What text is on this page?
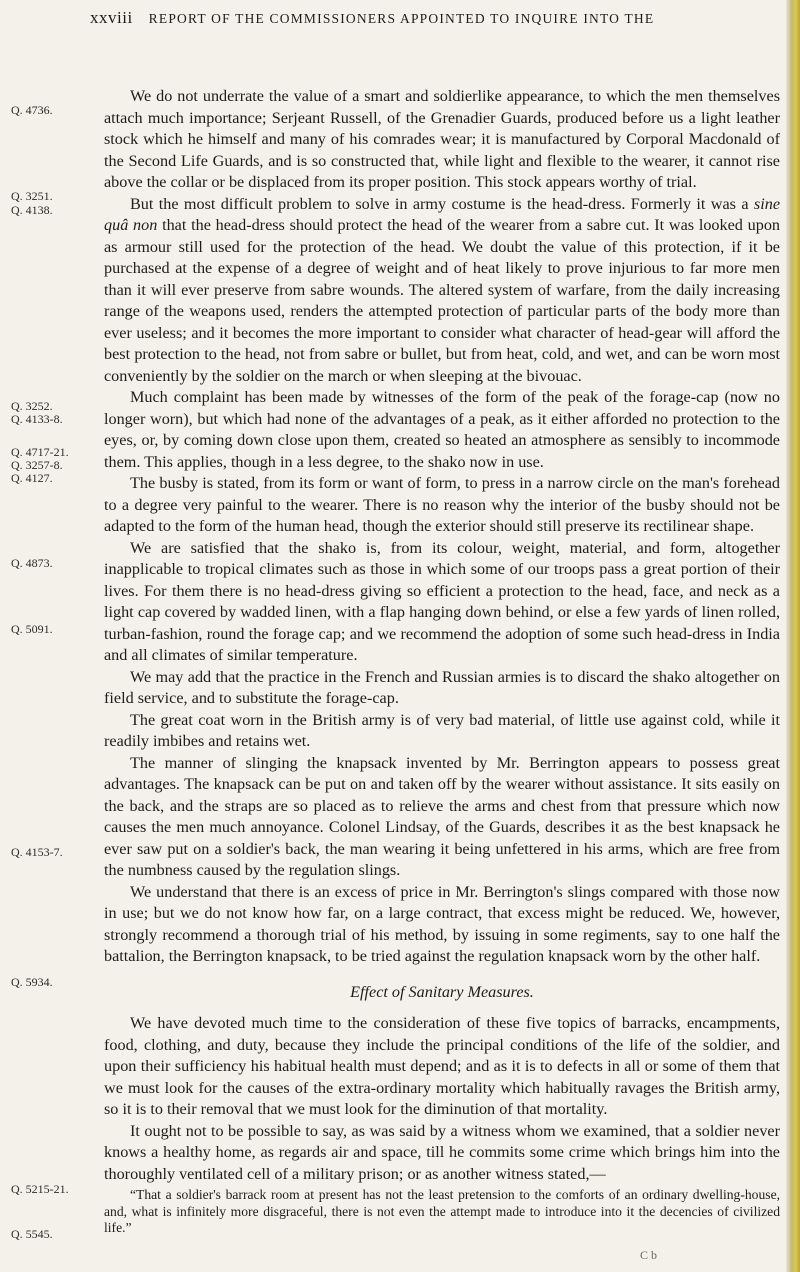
xxviii REPORT OF THE COMMISSIONERS APPOINTED TO INQUIRE INTO THE
Q. 4736.
Q. 3251.
Q. 4138.
Q. 3252.
Q. 4133-8.
Q. 4717-21.
Q. 3257-8.
Q. 4127.
Q. 4873.
Q. 5091.
Q. 4153-7.
Q. 5934.
Q. 5215-21.
Q. 5545.

We do not underrate the value of a smart and soldierlike appearance, to which the men themselves attach much importance; Serjeant Russell, of the Grenadier Guards, produced before us a light leather stock which he himself and many of his comrades wear; it is manufactured by Corporal Macdonald of the Second Life Guards, and is so constructed that, while light and flexible to the wearer, it cannot rise above the collar or be displaced from its proper position. This stock appears worthy of trial.

But the most difficult problem to solve in army costume is the head-dress. Formerly it was a sine quâ non that the head-dress should protect the head of the wearer from a sabre cut. It was looked upon as armour still used for the protection of the head. We doubt the value of this protection, if it be purchased at the expense of a degree of weight and of heat likely to prove injurious to far more men than it will ever preserve from sabre wounds. The altered system of warfare, from the daily increasing range of the weapons used, renders the attempted protection of particular parts of the body more than ever useless; and it becomes the more important to consider what character of head-gear will afford the best protection to the head, not from sabre or bullet, but from heat, cold, and wet, and can be worn most conveniently by the soldier on the march or when sleeping at the bivouac.

Much complaint has been made by witnesses of the form of the peak of the forage-cap (now no longer worn), but which had none of the advantages of a peak, as it either afforded no protection to the eyes, or, by coming down close upon them, created so heated an atmosphere as sensibly to incommode them. This applies, though in a less degree, to the shako now in use.

The busby is stated, from its form or want of form, to press in a narrow circle on the man's forehead to a degree very painful to the wearer. There is no reason why the interior of the busby should not be adapted to the form of the human head, though the exterior should still preserve its rectilinear shape.

We are satisfied that the shako is, from its colour, weight, material, and form, altogether inapplicable to tropical climates such as those in which some of our troops pass a great portion of their lives. For them there is no head-dress giving so efficient a protection to the head, face, and neck as a light cap covered by wadded linen, with a flap hanging down behind, or else a few yards of linen rolled, turban-fashion, round the forage cap; and we recommend the adoption of some such head-dress in India and all climates of similar temperature.

We may add that the practice in the French and Russian armies is to discard the shako altogether on field service, and to substitute the forage-cap.

The great coat worn in the British army is of very bad material, of little use against cold, while it readily imbibes and retains wet.

The manner of slinging the knapsack invented by Mr. Berrington appears to possess great advantages. The knapsack can be put on and taken off by the wearer without assistance. It sits easily on the back, and the straps are so placed as to relieve the arms and chest from that pressure which now causes the men much annoyance. Colonel Lindsay, of the Guards, describes it as the best knapsack he ever saw put on a soldier's back, the man wearing it being unfettered in his arms, which are free from the numbness caused by the regulation slings.

We understand that there is an excess of price in Mr. Berrington's slings compared with those now in use; but we do not know how far, on a large contract, that excess might be reduced. We, however, strongly recommend a thorough trial of his method, by issuing in some regiments, say to one half the battalion, the Berrington knapsack, to be tried against the regulation knapsack worn by the other half.

Effect of Sanitary Measures.

We have devoted much time to the consideration of these five topics of barracks, encampments, food, clothing, and duty, because they include the principal conditions of the life of the soldier, and upon their sufficiency his habitual health must depend; and as it is to defects in all or some of them that we must look for the causes of the extra-ordinary mortality which habitually ravages the British army, so it is to their removal that we must look for the diminution of that mortality.

It ought not to be possible to say, as was said by a witness whom we examined, that a soldier never knows a healthy home, as regards air and space, till he commits some crime which brings him into the thoroughly ventilated cell of a military prison; or as another witness stated,—

“That a soldier's barrack room at present has not the least pretension to the comforts of an ordinary dwelling-house, and, what is infinitely more disgraceful, there is not even the attempt made to introduce into it the decencies of civilized life.”

C b
